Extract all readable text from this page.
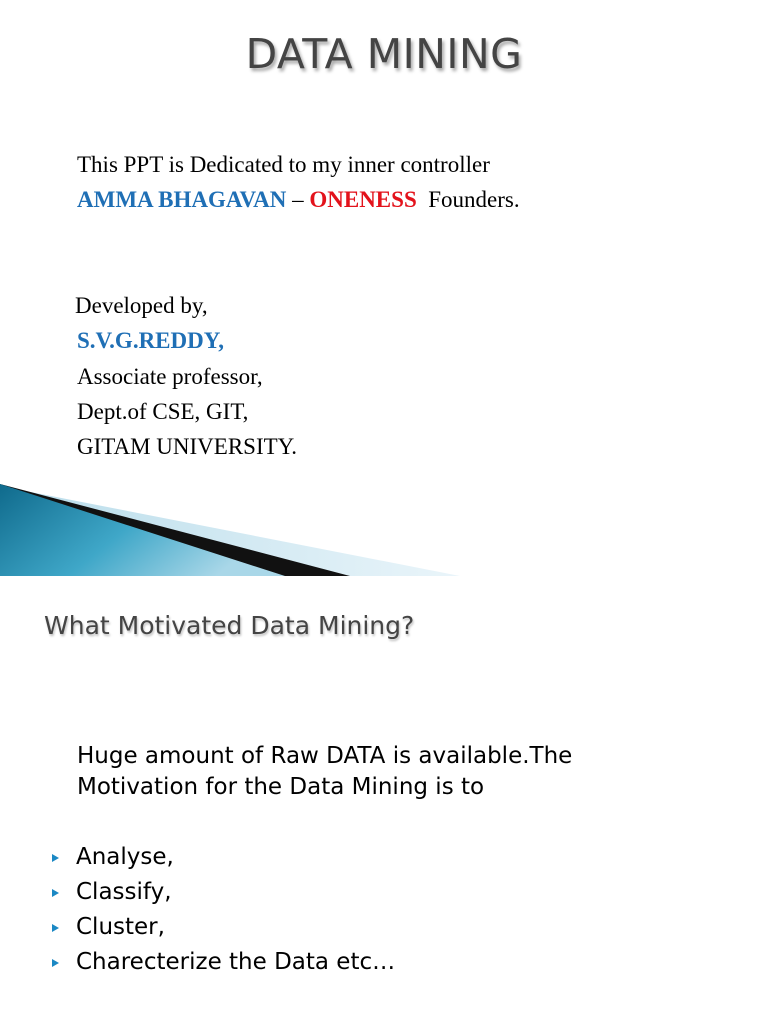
DATA MINING

This PPT is Dedicated to my inner controller

AMMA BHAGAVAN – ONENESS  Founders.

Developed by,

S.V.G.REDDY,

Associate professor,

Dept.of CSE, GIT,

GITAM UNIVERSITY.

What Motivated Data Mining?

Huge amount of Raw DATA is available.The

Motivation for the Data Mining is to

Analyse,
Classify,
Cluster,
Charecterize the Data etc…
